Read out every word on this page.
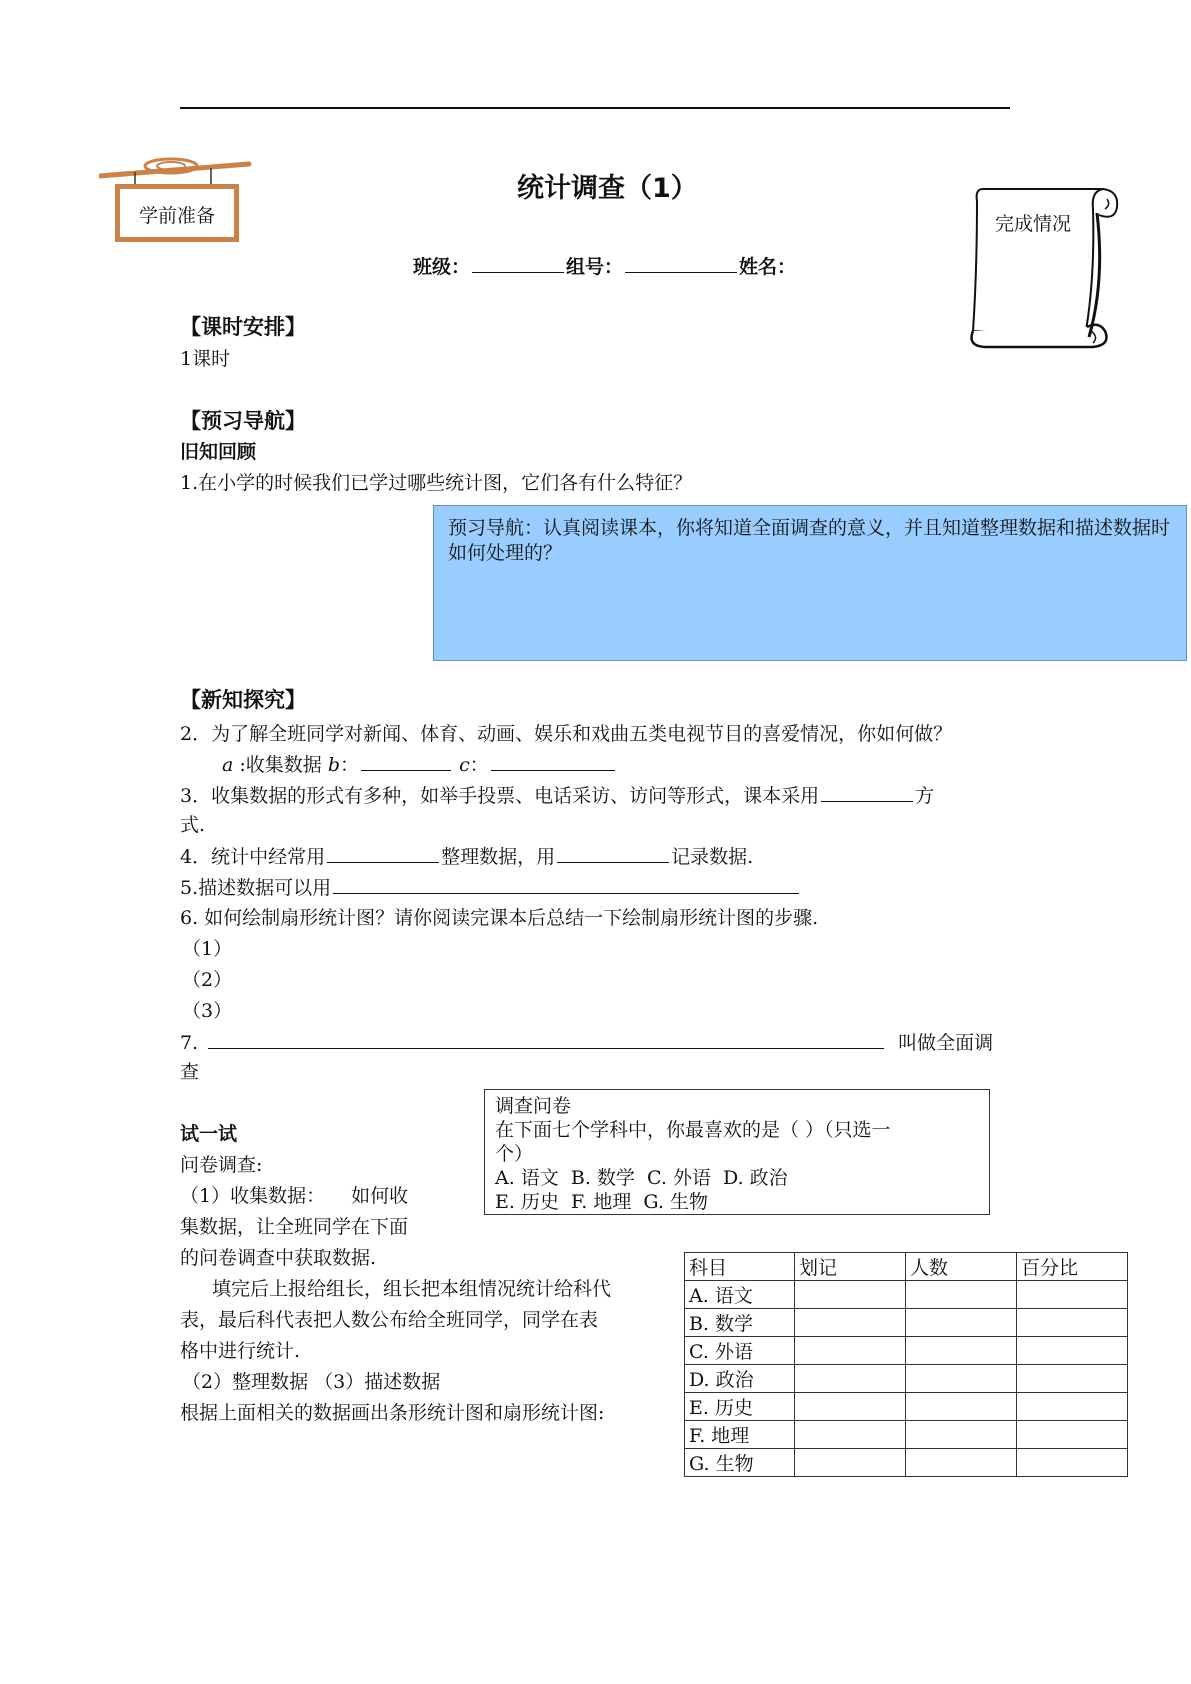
学前准备
统计调查（1）
完成情况
班级：	组号：	姓名：
【课时安排】
1课时
【预习导航】
旧知回顾
1.在小学的时候我们已学过哪些统计图，它们各有什么特征？
预习导航：认真阅读课本，你将知道全面调查的意义，并且知道整理数据和描述数据时如何处理的？
【新知探究】
2．为了解全班同学对新闻、体育、动画、娱乐和戏曲五类电视节目的喜爱情况，你如何做？
a :收集数据 b：	c：
3．收集数据的形式有多种，如举手投票、电话采访、访问等形式，课本采用	方
式.
4．统计中经常用	整理数据，用	记录数据.
5.描述数据可以用
6. 如何绘制扇形统计图？请你阅读完课本后总结一下绘制扇形统计图的步骤.
（1）
（2）
（3）
7.	叫做全面调
查
试一试
问卷调查:
（1）收集数据： 如何收
集数据，让全班同学在下面
的问卷调查中获取数据.
填完后上报给组长，组长把本组情况统计给科代
表，最后科代表把人数公布给全班同学，同学在表
格中进行统计.
（2）整理数据 （3）描述数据
根据上面相关的数据画出条形统计图和扇形统计图:
调查问卷
在下面七个学科中，你最喜欢的是（ ）（只选一
个）
A. 语文  B. 数学  C. 外语  D. 政治
E. 历史  F. 地理  G. 生物
科目	划记	人数	百分比
A. 语文			
B. 数学			
C. 外语			
D. 政治			
E. 历史			
F. 地理			
G. 生物			
